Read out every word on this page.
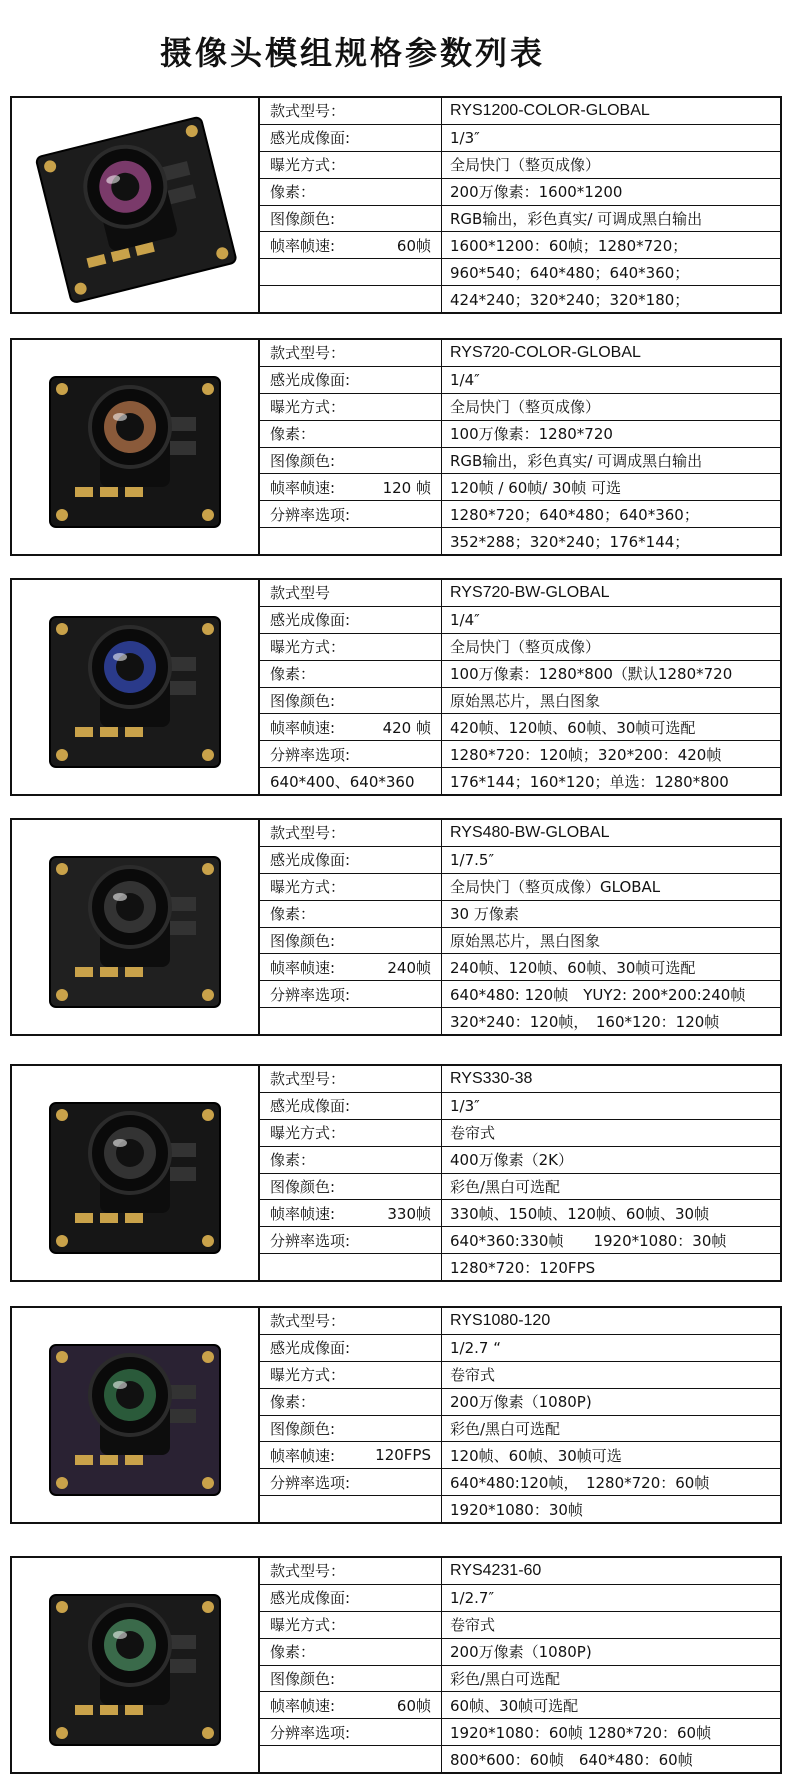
摄像头模组规格参数列表
款式型号：	RYS1200-COLOR-GLOBAL
感光成像面:	1/3″
曝光方式：	全局快门（整页成像）
像素：	200万像素：1600*1200
图像颜色:	RGB输出，彩色真实/ 可调成黑白输出
帧率帧速:	60帧	1600*1200：60帧；1280*720；
960*540；640*480；640*360；
424*240；320*240；320*180；
款式型号：	RYS720-COLOR-GLOBAL
感光成像面:	1/4″
曝光方式：	全局快门（整页成像）
像素：	100万像素：1280*720
图像颜色:	RGB输出，彩色真实/ 可调成黑白输出
帧率帧速:	120 帧	120帧 / 60帧/ 30帧 可选
分辨率选项:	1280*720；640*480；640*360；
352*288；320*240；176*144；
款式型号	RYS720-BW-GLOBAL
感光成像面:	1/4″
曝光方式：	全局快门（整页成像）
像素：	100万像素：1280*800（默认1280*720
图像颜色:	原始黑芯片，黑白图象
帧率帧速:	420 帧	420帧、120帧、60帧、30帧可选配
分辨率选项:	1280*720：120帧；320*200：420帧
640*400、640*360	176*144；160*120；单选：1280*800
款式型号：	RYS480-BW-GLOBAL
感光成像面:	1/7.5″
曝光方式：	全局快门（整页成像）GLOBAL
像素：	30 万像素
图像颜色:	原始黑芯片，黑白图象
帧率帧速:	240帧	240帧、120帧、60帧、30帧可选配
分辨率选项:	640*480: 120帧　YUY2: 200*200:240帧
320*240：120帧，　160*120：120帧
款式型号：	RYS330-38
感光成像面:	1/3″
曝光方式：	卷帘式
像素：	400万像素（2K）
图像颜色:	彩色/黑白可选配
帧率帧速:	330帧	330帧、150帧、120帧、60帧、30帧
分辨率选项:	640*360:330帧　　1920*1080：30帧
1280*720：120FPS
款式型号：	RYS1080-120
感光成像面:	1/2.7 “
曝光方式：	卷帘式
像素：	200万像素（1080P)
图像颜色:	彩色/黑白可选配
帧率帧速:	120FPS	120帧、60帧、30帧可选
分辨率选项:	640*480:120帧，　1280*720：60帧
1920*1080：30帧
款式型号：	RYS4231-60
感光成像面:	1/2.7″
曝光方式：	卷帘式
像素：	200万像素（1080P)
图像颜色:	彩色/黑白可选配
帧率帧速:	60帧	60帧、30帧可选配
分辨率选项:	1920*1080：60帧 1280*720：60帧
800*600：60帧　640*480：60帧
